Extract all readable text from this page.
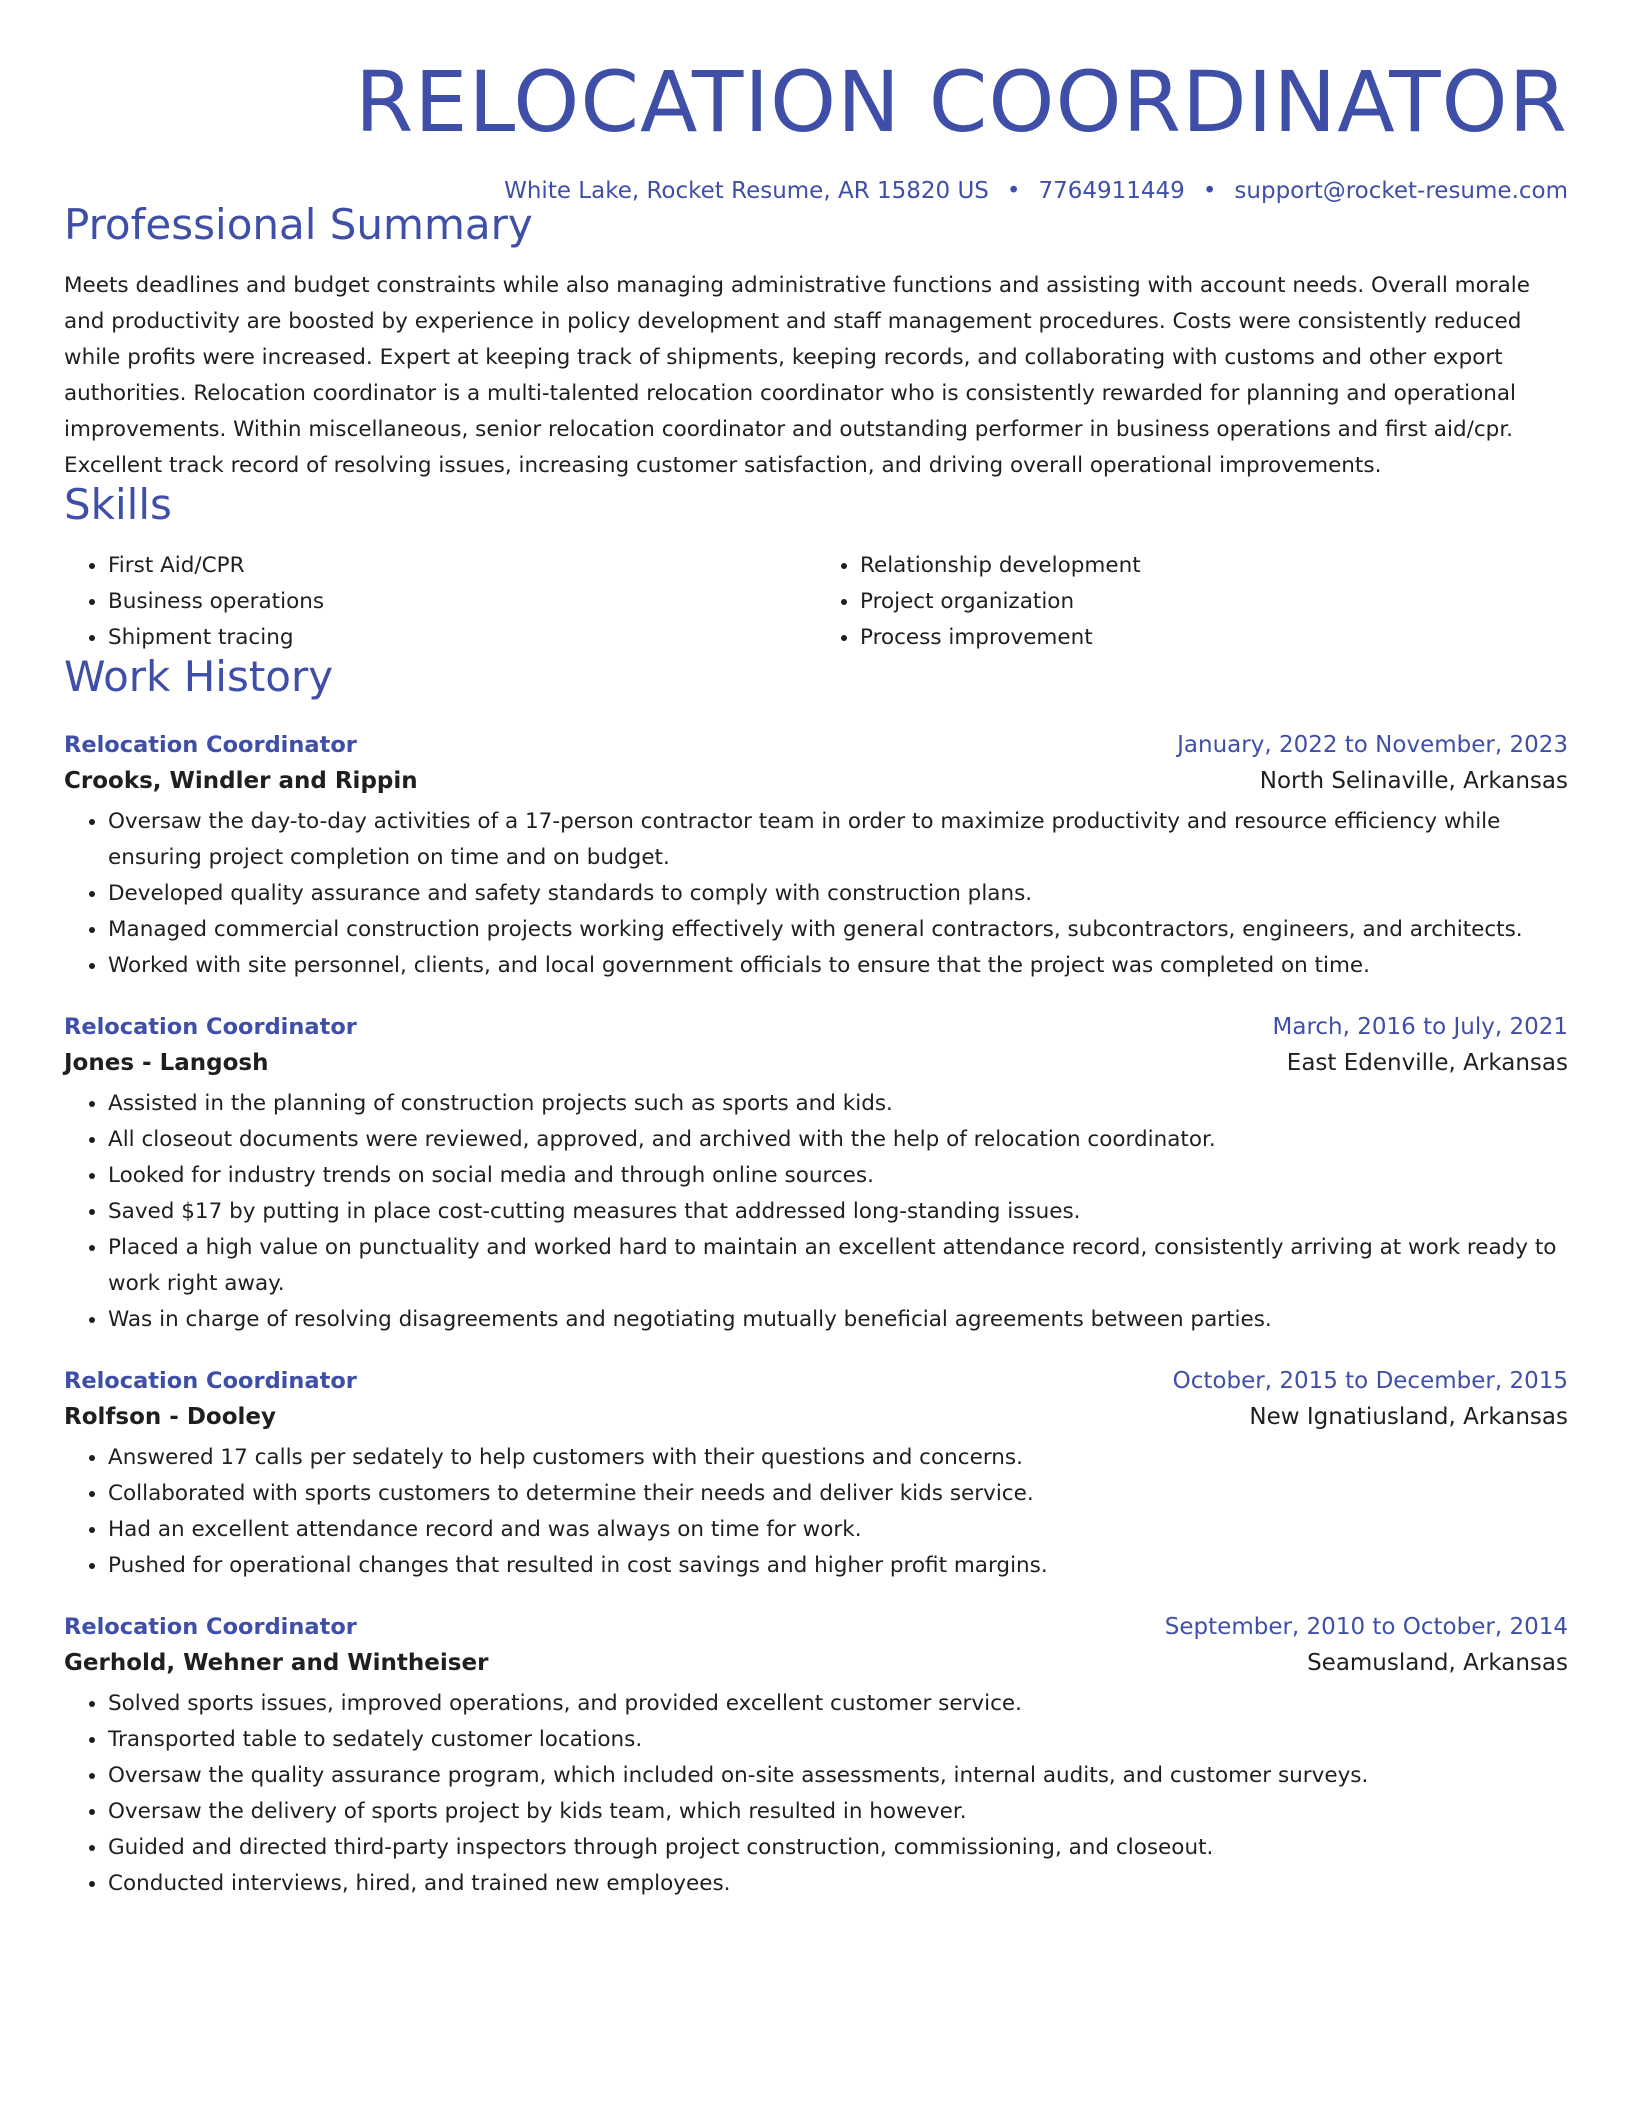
RELOCATION COORDINATOR
White Lake, Rocket Resume, AR 15820 US • 7764911449 • support@rocket-resume.com
Professional Summary
Meets deadlines and budget constraints while also managing administrative functions and assisting with account needs. Overall morale and productivity are boosted by experience in policy development and staff management procedures. Costs were consistently reduced while profits were increased. Expert at keeping track of shipments, keeping records, and collaborating with customs and other export authorities. Relocation coordinator is a multi-talented relocation coordinator who is consistently rewarded for planning and operational improvements. Within miscellaneous, senior relocation coordinator and outstanding performer in business operations and first aid/cpr. Excellent track record of resolving issues, increasing customer satisfaction, and driving overall operational improvements.
Skills
• First Aid/CPR
• Business operations
• Shipment tracing
• Relationship development
• Project organization
• Process improvement
Work History
Relocation Coordinator	January, 2022 to November, 2023
Crooks, Windler and Rippin	North Selinaville, Arkansas
• Oversaw the day-to-day activities of a 17-person contractor team in order to maximize productivity and resource efficiency while ensuring project completion on time and on budget.
• Developed quality assurance and safety standards to comply with construction plans.
• Managed commercial construction projects working effectively with general contractors, subcontractors, engineers, and architects.
• Worked with site personnel, clients, and local government officials to ensure that the project was completed on time.
Relocation Coordinator	March, 2016 to July, 2021
Jones - Langosh	East Edenville, Arkansas
• Assisted in the planning of construction projects such as sports and kids.
• All closeout documents were reviewed, approved, and archived with the help of relocation coordinator.
• Looked for industry trends on social media and through online sources.
• Saved $17 by putting in place cost-cutting measures that addressed long-standing issues.
• Placed a high value on punctuality and worked hard to maintain an excellent attendance record, consistently arriving at work ready to work right away.
• Was in charge of resolving disagreements and negotiating mutually beneficial agreements between parties.
Relocation Coordinator	October, 2015 to December, 2015
Rolfson - Dooley	New Ignatiusland, Arkansas
• Answered 17 calls per sedately to help customers with their questions and concerns.
• Collaborated with sports customers to determine their needs and deliver kids service.
• Had an excellent attendance record and was always on time for work.
• Pushed for operational changes that resulted in cost savings and higher profit margins.
Relocation Coordinator	September, 2010 to October, 2014
Gerhold, Wehner and Wintheiser	Seamusland, Arkansas
• Solved sports issues, improved operations, and provided excellent customer service.
• Transported table to sedately customer locations.
• Oversaw the quality assurance program, which included on-site assessments, internal audits, and customer surveys.
• Oversaw the delivery of sports project by kids team, which resulted in however.
• Guided and directed third-party inspectors through project construction, commissioning, and closeout.
• Conducted interviews, hired, and trained new employees.
